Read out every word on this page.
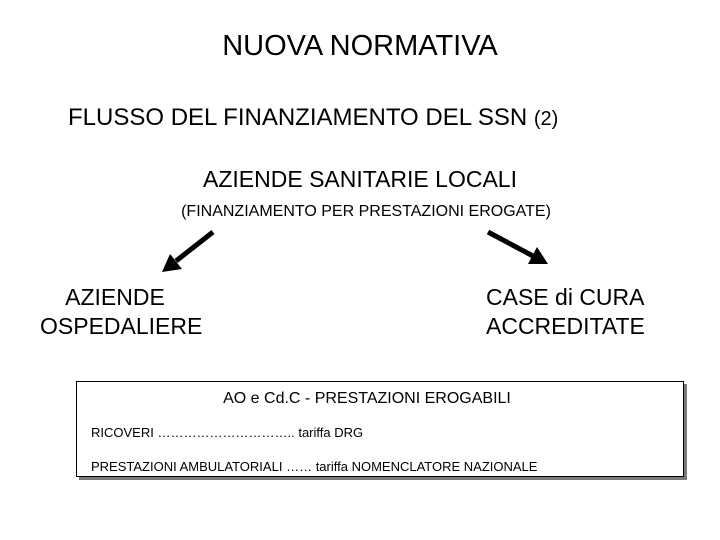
NUOVA NORMATIVA
FLUSSO DEL FINANZIAMENTO DEL SSN (2)
AZIENDE SANITARIE LOCALI
(FINANZIAMENTO PER PRESTAZIONI EROGATE)
AZIENDE
OSPEDALIERE
CASE di CURA
ACCREDITATE
AO e Cd.C - PRESTAZIONI EROGABILI
RICOVERI ………………………….. tariffa DRG
PRESTAZIONI AMBULATORIALI …… tariffa NOMENCLATORE NAZIONALE
